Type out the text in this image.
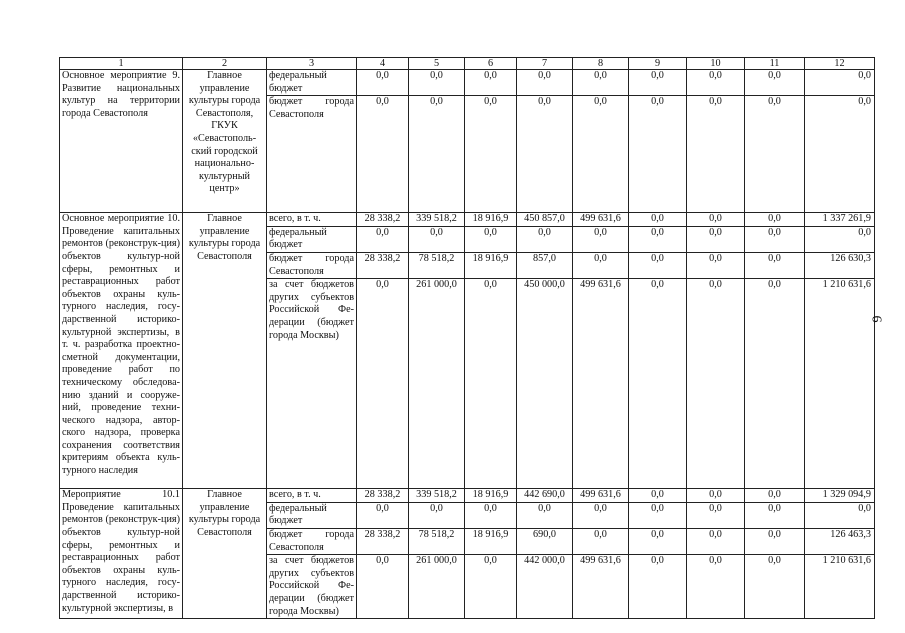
1	2	3	4	5	6	7	8	9	10	11	12
Основное мероприятие 9. Развитие национальных культур на территории города Севастополя	Главное управление культуры города Севастополя, ГКУК «Севастополь-ский городской национально-культурный центр»	федеральный бюджет	0,0	0,0	0,0	0,0	0,0	0,0	0,0	0,0	0,0
		бюджет города Севастополя	0,0	0,0	0,0	0,0	0,0	0,0	0,0	0,0	0,0
Основное мероприятие 10. Проведение капитальных ремонтов (реконструк-ция) объектов культур-ной сферы, ремонтных и реставрационных работ объектов охраны куль-турного наследия, госу-дарственной историко-культурной экспертизы, в т. ч. разработка проектно-сметной документации, проведение работ по техническому обследова-нию зданий и сооруже-ний, проведение техни-ческого надзора, автор-ского надзора, проверка сохранения соответствия критериям объекта куль-турного наследия	Главное управление культуры города Севастополя	всего, в т. ч.	28 338,2	339 518,2	18 916,9	450 857,0	499 631,6	0,0	0,0	0,0	1 337 261,9
		федеральный бюджет	0,0	0,0	0,0	0,0	0,0	0,0	0,0	0,0	0,0
		бюджет города Севастополя	28 338,2	78 518,2	18 916,9	857,0	0,0	0,0	0,0	0,0	126 630,3
		за счет бюджетов других субъектов Российской Фе-дерации (бюджет города Москвы)	0,0	261 000,0	0,0	450 000,0	499 631,6	0,0	0,0	0,0	1 210 631,6
Мероприятие 10.1 Проведение капитальных ремонтов (реконструк-ция) объектов культур-ной сферы, ремонтных и реставрационных работ объектов охраны куль-турного наследия, госу-дарственной историко-культурной экспертизы, в	Главное управление культуры города Севастополя	всего, в т. ч.	28 338,2	339 518,2	18 916,9	442 690,0	499 631,6	0,0	0,0	0,0	1 329 094,9
		федеральный бюджет	0,0	0,0	0,0	0,0	0,0	0,0	0,0	0,0	0,0
		бюджет города Севастополя	28 338,2	78 518,2	18 916,9	690,0	0,0	0,0	0,0	0,0	126 463,3
		за счет бюджетов других субъектов Российской Фе-дерации (бюджет города Москвы)	0,0	261 000,0	0,0	442 000,0	499 631,6	0,0	0,0	0,0	1 210 631,6
6
